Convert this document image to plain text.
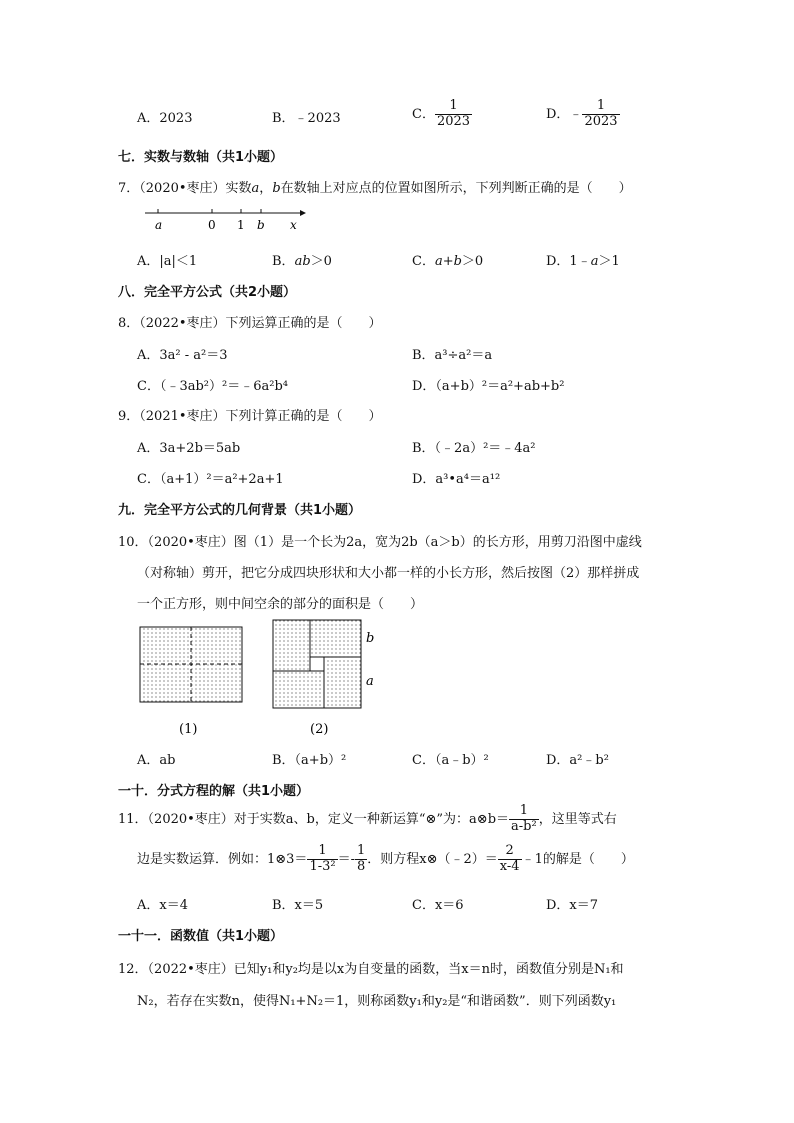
A．2023	B．﹣2023	C． $\frac{1}{2023}$	D．﹣ $\frac{1}{2023}$
七．实数与数轴（共1小题）
7．（2020•枣庄）实数a，b在数轴上对应点的位置如图所示，下列判断正确的是（　　）
a	0 1 b x
A．|a|＜1	B．ab＞0	C．a+b＞0	D．1﹣a＞1
八．完全平方公式（共2小题）
8．（2022•枣庄）下列运算正确的是（　　）
A．3a² - a²＝3	B．a³÷a²＝a
C．（﹣3ab²）²＝﹣6a²b⁴	D．（a+b）²＝a²+ab+b²
9．（2021•枣庄）下列计算正确的是（　　）
A．3a+2b＝5ab	B．（﹣2a）²＝﹣4a²
C．（a+1）²＝a²+2a+1	D．a³•a⁴＝a¹²
九．完全平方公式的几何背景（共1小题）
10．（2020•枣庄）图（1）是一个长为2a，宽为2b（a＞b）的长方形，用剪刀沿图中虚线
（对称轴）剪开，把它分成四块形状和大小都一样的小长方形，然后按图（2）那样拼成
一个正方形，则中间空余的部分的面积是（　　）
(1)
b
a
(2)
A．ab	B．（a+b）²	C．（a﹣b）²	D．a²﹣b²
一十．分式方程的解（共1小题）
11．（2020•枣庄）对于实数a、b，定义一种新运算“⊗”为：a⊗b＝ $\frac{1}{\text{a-b²}}$ ，这里等式右
边是实数运算．例如：1⊗3＝ $\frac{1}{\text{1-3²}} =- \frac{1}{8}$ ．则方程x⊗（﹣2）＝ $\frac{2}{x-4}$ ﹣1的解是（　　）
A．x＝4	B．x＝5	C．x＝6	D．x＝7
一十一．函数值（共1小题）
12．（2022•枣庄）已知y₁和y₂均是以x为自变量的函数，当x＝n时，函数值分别是N₁和
N₂，若存在实数n，使得N₁+N₂＝1，则称函数y₁和y₂是“和谐函数”．则下列函数y₁
